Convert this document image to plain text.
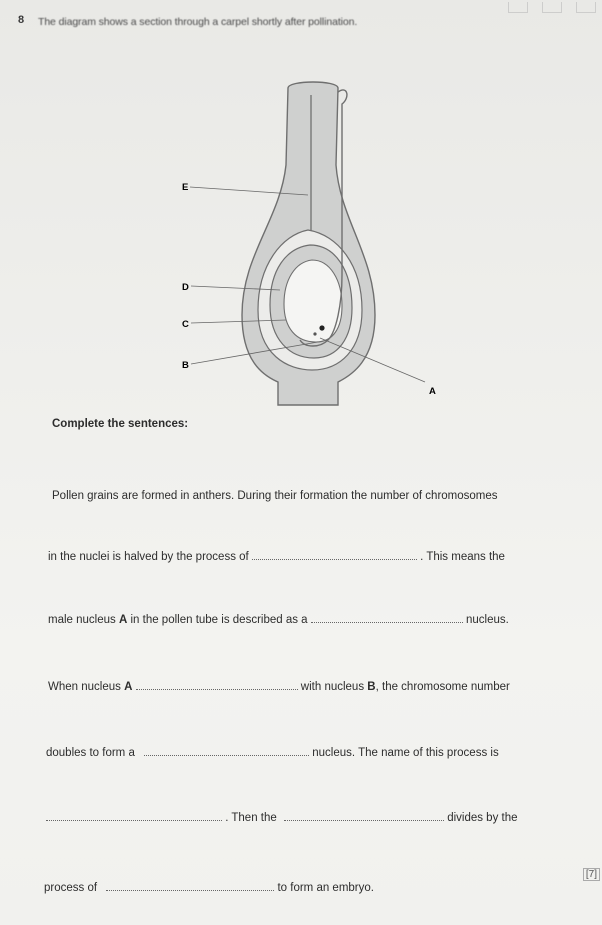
8 The diagram shows a section through a carpel shortly after pollination.
E
D
C
B
A
Complete the sentences:
Pollen grains are formed in anthers. During their formation the number of chromosomes
in the nuclei is halved by the process of	. This means the
male nucleus A in the pollen tube is described as a	nucleus.
When nucleus A	with nucleus B, the chromosome number
doubles to form a	nucleus. The name of this process is
. Then the	divides by the
process of	to form an embryo.
[7]
